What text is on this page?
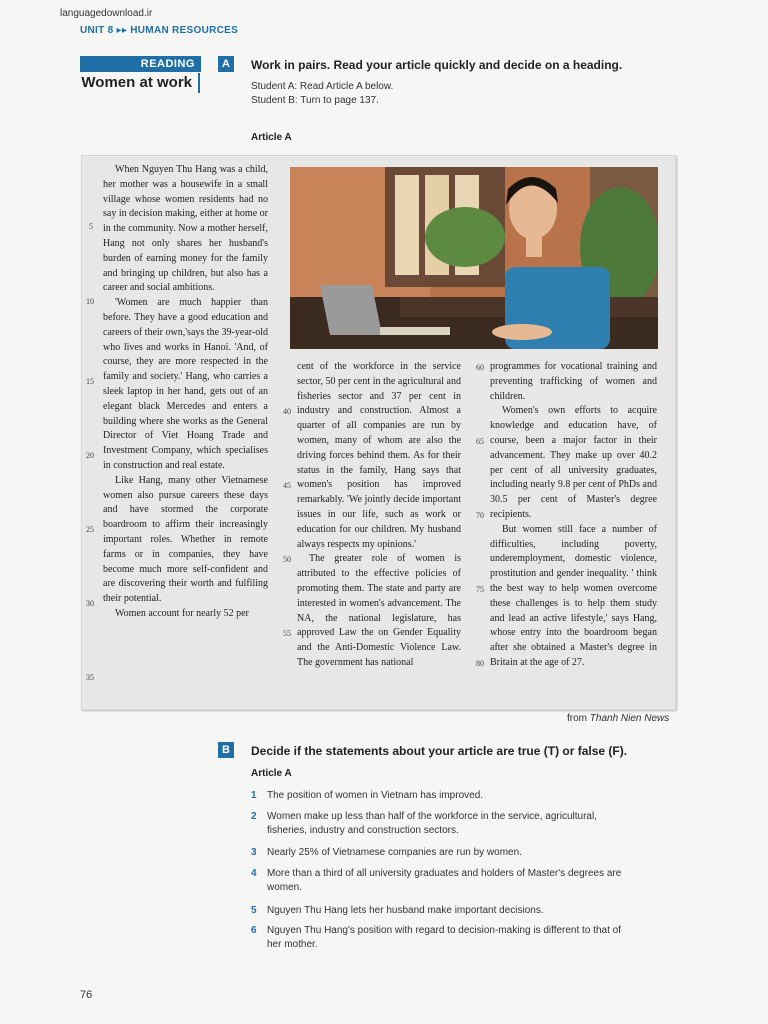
languagedownload.ir
UNIT 8 ▸▸ HUMAN RESOURCES
READING
Women at work
A	Work in pairs. Read your article quickly and decide on a heading.
Student A: Read Article A below.
Student B: Turn to page 137.
Article A

When Nguyen Thu Hang was a child, her mother was a housewife in a small village whose women residents had no say in decision making, either at home or in the community. Now a mother herself, Hang not only shares her husband's burden of earning money for the family and bringing up children, but also has a career and social ambitions.

'Women are much happier than before. They have a good education and careers of their own,'says the 39-year-old who lives and works in Hanoi. 'And, of course, they are more respected in the family and society.' Hang, who carries a sleek laptop in her hand, gets out of an elegant black Mercedes and enters a building where she works as the General Director of Viet Hoang Trade and Investment Company, which specialises in construction and real estate.

Like Hang, many other Vietnamese women also pursue careers these days and have stormed the corporate boardroom to affirm their increasingly important roles. Whether in remote farms or in companies, they have become much more self-confident and are discovering their worth and fulfiling their potential.

Women account for nearly 52 per

cent of the workforce in the service sector, 50 per cent in the agricultural and fisheries sector and 37 per cent in industry and construction. Almost a quarter of all companies are run by women, many of whom are also the driving forces behind them. As for their status in the family, Hang says that women's position has improved remarkably. 'We jointly decide important issues in our life, such as work or education for our children. My husband always respects my opinions.'

The greater role of women is attributed to the effective policies of promoting them. The state and party are interested in women's advancement. The NA, the national legislature, has approved Law the on Gender Equality and the Anti-Domestic Violence Law. The government has national

programmes for vocational training and preventing trafficking of women and children.

Women's own efforts to acquire knowledge and education have, of course, been a major factor in their advancement. They make up over 40.2 per cent of all university graduates, including nearly 9.8 per cent of PhDs and 30.5 per cent of Master's degree recipients.

But women still face a number of difficulties, including poverty, underemployment, domestic violence, prostitution and gender inequality. ' think the best way to help women overcome these challenges is to help them study and lead an active lifestyle,' says Hang, whose entry into the boardroom began after she obtained a Master's degree in Britain at the age of 27.

5
10
15
20
25
30
35
40
45
50
55
60
65
70
75
80
from Thanh Nien News
B	Decide if the statements about your article are true (T) or false (F).
Article A
1 The position of women in Vietnam has improved.
2 Women make up less than half of the workforce in the service, agricultural, fisheries, industry and construction sectors.
3 Nearly 25% of Vietnamese companies are run by women.
4 More than a third of all university graduates and holders of Master's degrees are women.
5 Nguyen Thu Hang lets her husband make important decisions.
6 Nguyen Thu Hang's position with regard to decision-making is different to that of her mother.
76
